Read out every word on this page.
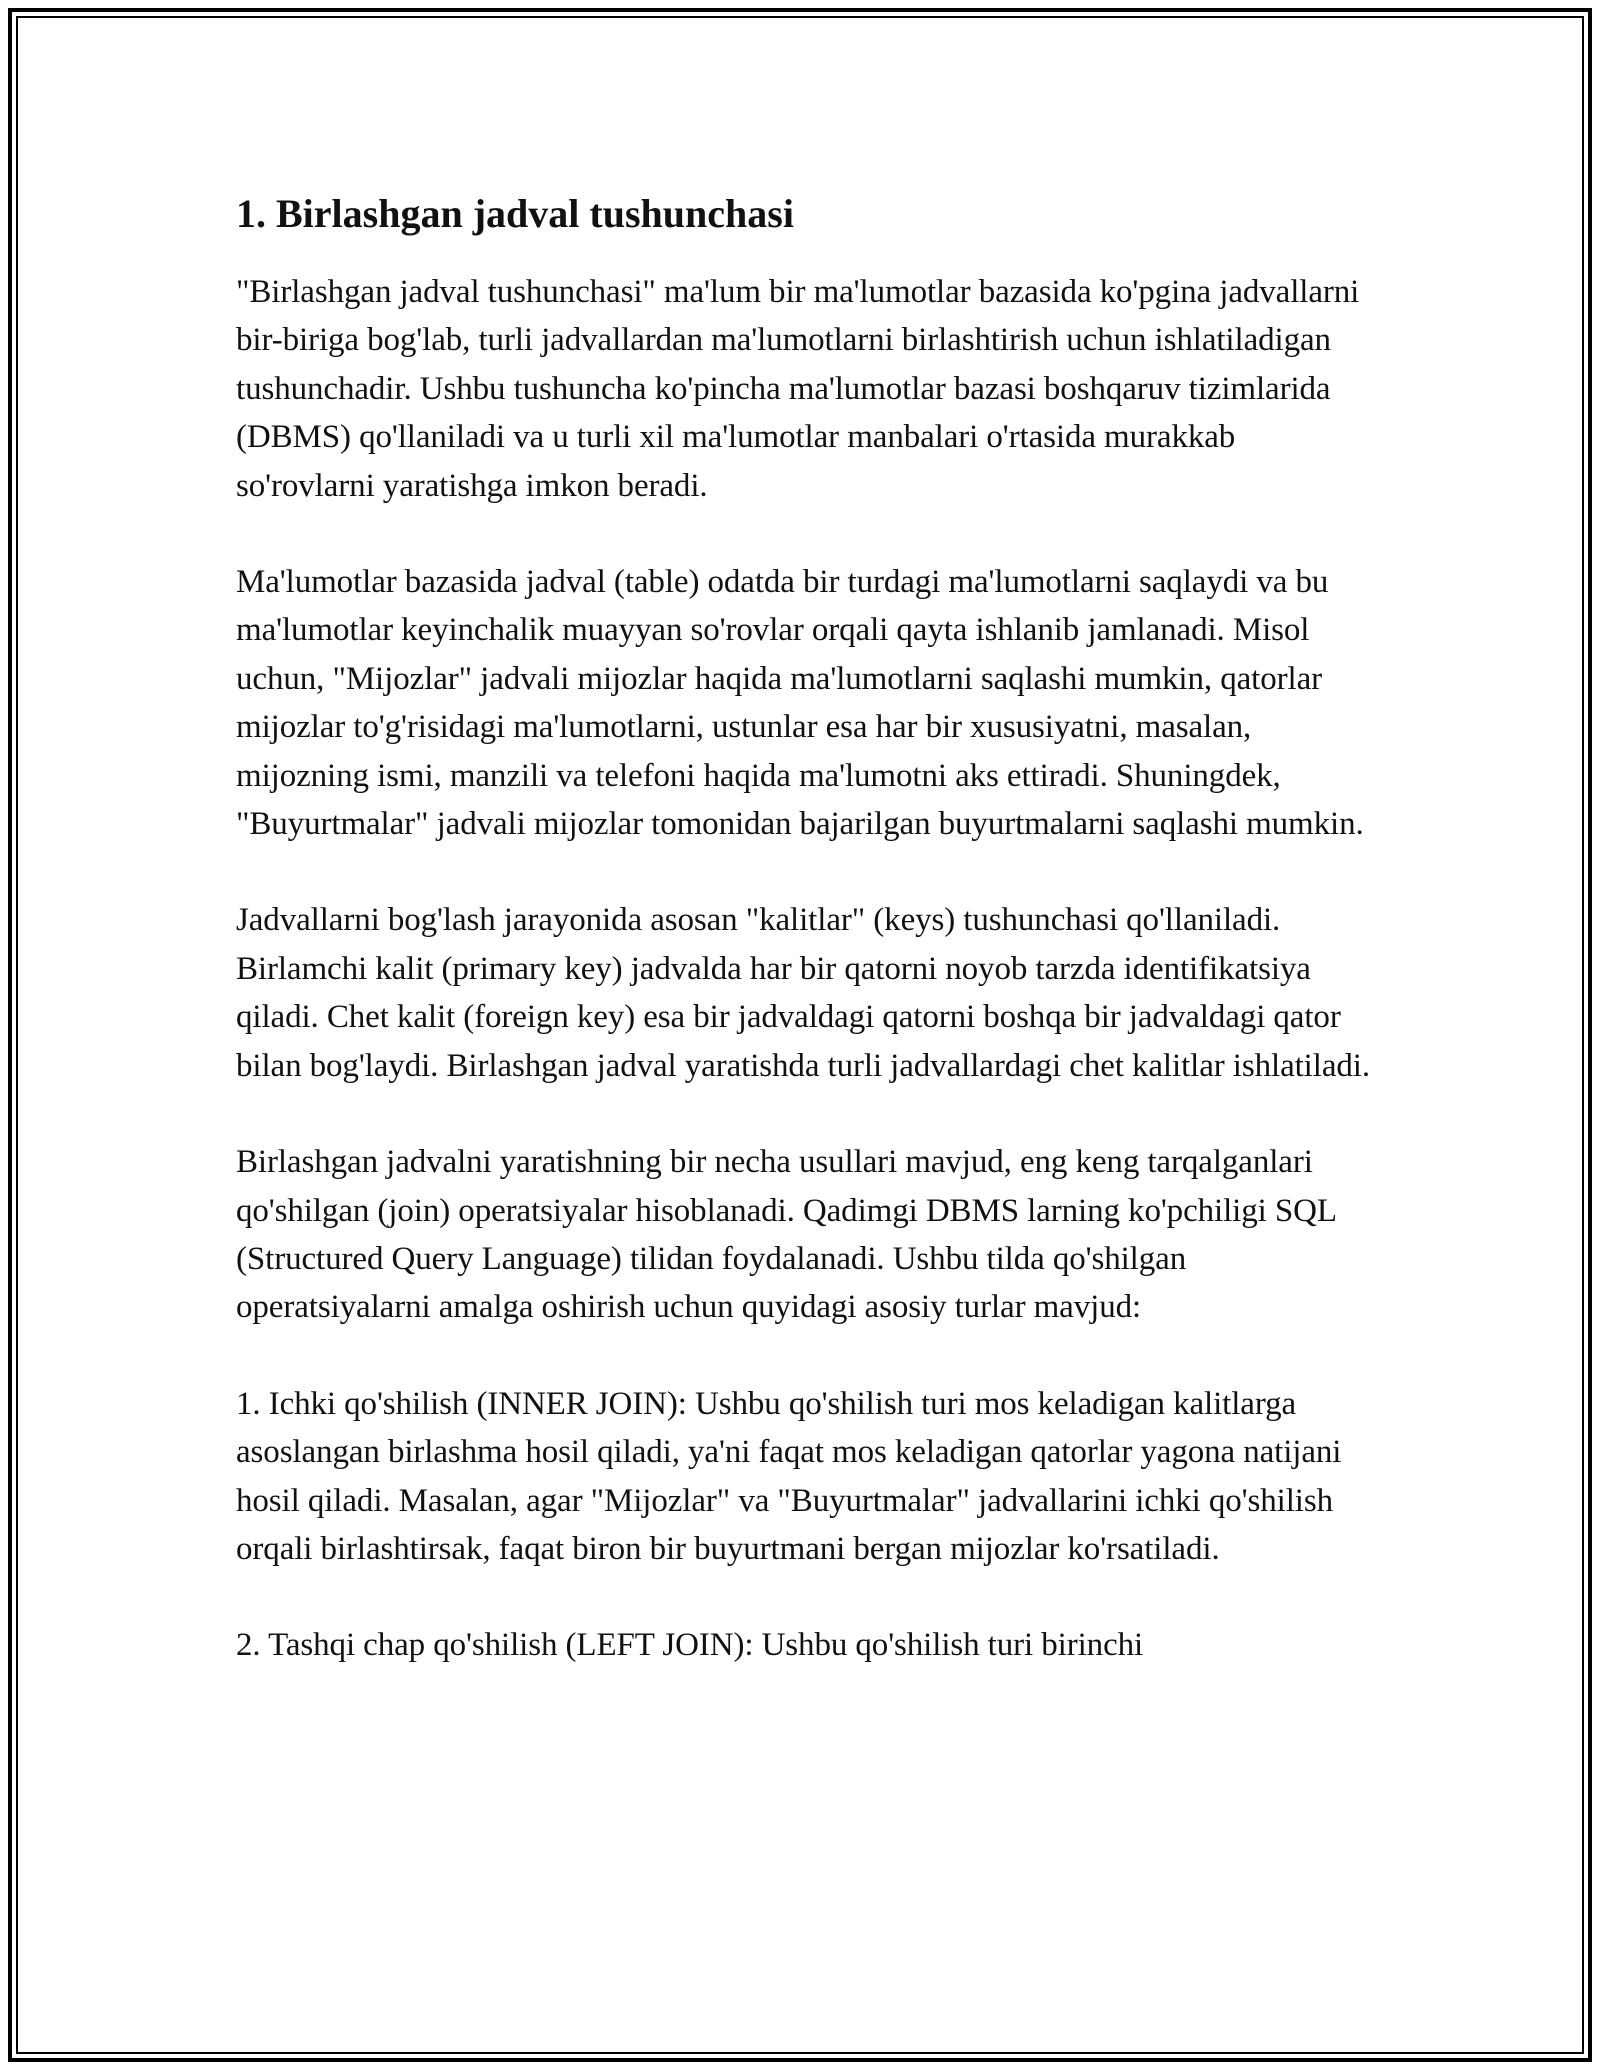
1. Birlashgan jadval tushunchasi

"Birlashgan jadval tushunchasi" ma'lum bir ma'lumotlar bazasida ko'pgina jadvallarni bir-biriga bog'lab, turli jadvallardan ma'lumotlarni birlashtirish uchun ishlatiladigan tushunchadir. Ushbu tushuncha ko'pincha ma'lumotlar bazasi boshqaruv tizimlarida (DBMS) qo'llaniladi va u turli xil ma'lumotlar manbalari o'rtasida murakkab so'rovlarni yaratishga imkon beradi.

Ma'lumotlar bazasida jadval (table) odatda bir turdagi ma'lumotlarni saqlaydi va bu ma'lumotlar keyinchalik muayyan so'rovlar orqali qayta ishlanib jamlanadi. Misol uchun, "Mijozlar" jadvali mijozlar haqida ma'lumotlarni saqlashi mumkin, qatorlar mijozlar to'g'risidagi ma'lumotlarni, ustunlar esa har bir xususiyatni, masalan, mijozning ismi, manzili va telefoni haqida ma'lumotni aks ettiradi. Shuningdek, "Buyurtmalar" jadvali mijozlar tomonidan bajarilgan buyurtmalarni saqlashi mumkin.

Jadvallarni bog'lash jarayonida asosan "kalitlar" (keys) tushunchasi qo'llaniladi. Birlamchi kalit (primary key) jadvalda har bir qatorni noyob tarzda identifikatsiya qiladi. Chet kalit (foreign key) esa bir jadvaldagi qatorni boshqa bir jadvaldagi qator bilan bog'laydi. Birlashgan jadval yaratishda turli jadvallardagi chet kalitlar ishlatiladi.

Birlashgan jadvalni yaratishning bir necha usullari mavjud, eng keng tarqalganlari qo'shilgan (join) operatsiyalar hisoblanadi. Qadimgi DBMS larning ko'pchiligi SQL (Structured Query Language) tilidan foydalanadi. Ushbu tilda qo'shilgan operatsiyalarni amalga oshirish uchun quyidagi asosiy turlar mavjud:

1. Ichki qo'shilish (INNER JOIN): Ushbu qo'shilish turi mos keladigan kalitlarga asoslangan birlashma hosil qiladi, ya'ni faqat mos keladigan qatorlar yagona natijani hosil qiladi. Masalan, agar "Mijozlar" va "Buyurtmalar" jadvallarini ichki qo'shilish orqali birlashtirsak, faqat biron bir buyurtmani bergan mijozlar ko'rsatiladi.

2. Tashqi chap qo'shilish (LEFT JOIN): Ushbu qo'shilish turi birinchi
